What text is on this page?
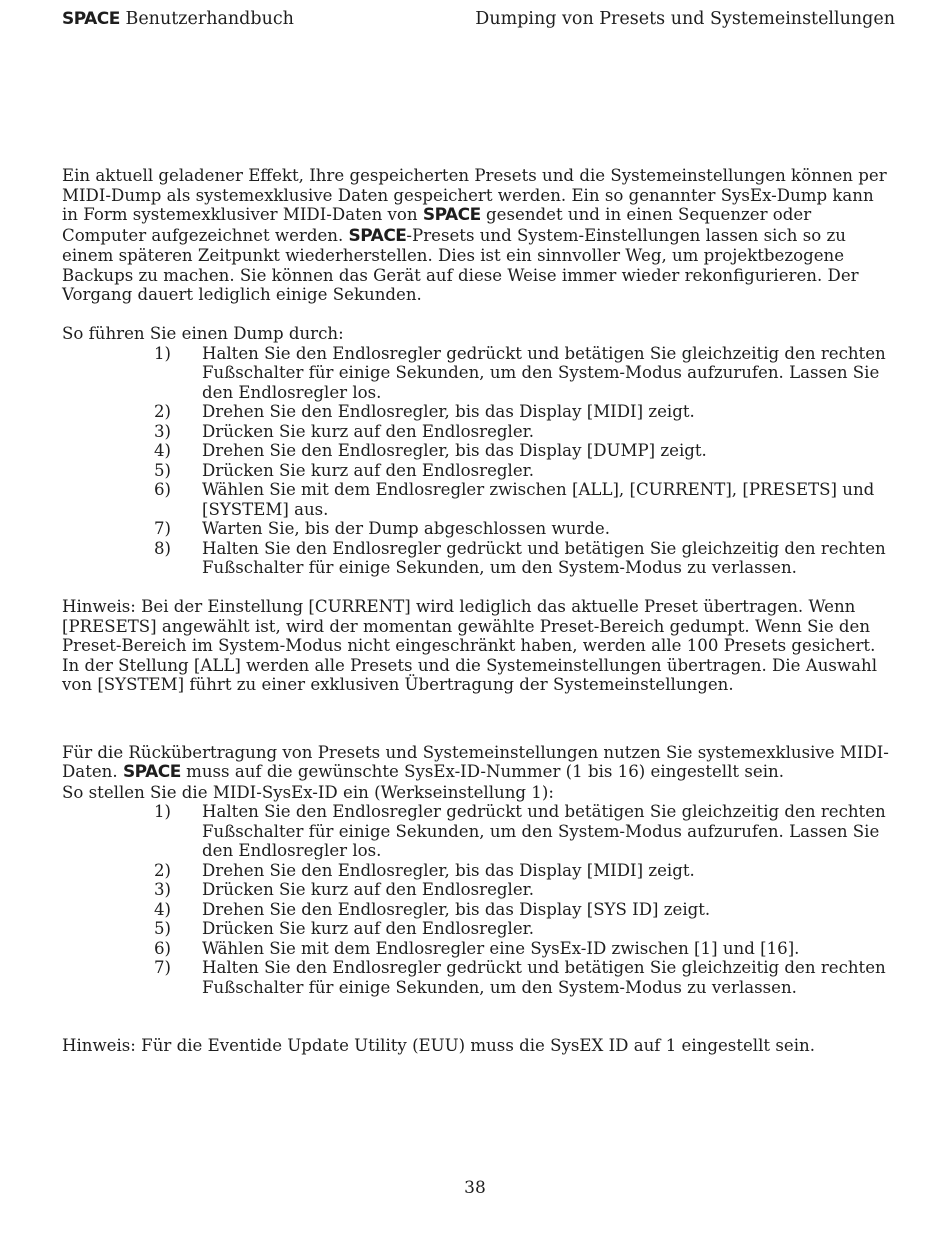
SPACE Benutzerhandbuch	Dumping von Presets und Systemeinstellungen

Ein aktuell geladener Effekt, Ihre gespeicherten Presets und die Systemeinstellungen können per MIDI-Dump als systemexklusive Daten gespeichert werden. Ein so genannter SysEx-Dump kann in Form systemexklusiver MIDI-Daten von SPACE gesendet und in einen Sequenzer oder Computer aufgezeichnet werden. SPACE-Presets und System-Einstellungen lassen sich so zu einem späteren Zeitpunkt wiederherstellen. Dies ist ein sinnvoller Weg, um projektbezogene Backups zu machen. Sie können das Gerät auf diese Weise immer wieder rekonfigurieren. Der Vorgang dauert lediglich einige Sekunden.

So führen Sie einen Dump durch:

1) Halten Sie den Endlosregler gedrückt und betätigen Sie gleichzeitig den rechten Fußschalter für einige Sekunden, um den System-Modus aufzurufen. Lassen Sie den Endlosregler los.
2) Drehen Sie den Endlosregler, bis das Display [MIDI] zeigt.
3) Drücken Sie kurz auf den Endlosregler.
4) Drehen Sie den Endlosregler, bis das Display [DUMP] zeigt.
5) Drücken Sie kurz auf den Endlosregler.
6) Wählen Sie mit dem Endlosregler zwischen [ALL], [CURRENT], [PRESETS] und [SYSTEM] aus.
7) Warten Sie, bis der Dump abgeschlossen wurde.
8) Halten Sie den Endlosregler gedrückt und betätigen Sie gleichzeitig den rechten Fußschalter für einige Sekunden, um den System-Modus zu verlassen.

Hinweis: Bei der Einstellung [CURRENT] wird lediglich das aktuelle Preset übertragen. Wenn [PRESETS] angewählt ist, wird der momentan gewählte Preset-Bereich gedumpt. Wenn Sie den Preset-Bereich im System-Modus nicht eingeschränkt haben, werden alle 100 Presets gesichert. In der Stellung [ALL] werden alle Presets und die Systemeinstellungen übertragen. Die Auswahl von [SYSTEM] führt zu einer exklusiven Übertragung der Systemeinstellungen.

Für die Rückübertragung von Presets und Systemeinstellungen nutzen Sie systemexklusive MIDI-Daten. SPACE muss auf die gewünschte SysEx-ID-Nummer (1 bis 16) eingestellt sein.

So stellen Sie die MIDI-SysEx-ID ein (Werkseinstellung 1):

1) Halten Sie den Endlosregler gedrückt und betätigen Sie gleichzeitig den rechten Fußschalter für einige Sekunden, um den System-Modus aufzurufen. Lassen Sie den Endlosregler los.
2) Drehen Sie den Endlosregler, bis das Display [MIDI] zeigt.
3) Drücken Sie kurz auf den Endlosregler.
4) Drehen Sie den Endlosregler, bis das Display [SYS ID] zeigt.
5) Drücken Sie kurz auf den Endlosregler.
6) Wählen Sie mit dem Endlosregler eine SysEx-ID zwischen [1] und [16].
7) Halten Sie den Endlosregler gedrückt und betätigen Sie gleichzeitig den rechten Fußschalter für einige Sekunden, um den System-Modus zu verlassen.

Hinweis: Für die Eventide Update Utility (EUU) muss die SysEX ID auf 1 eingestellt sein.

38
